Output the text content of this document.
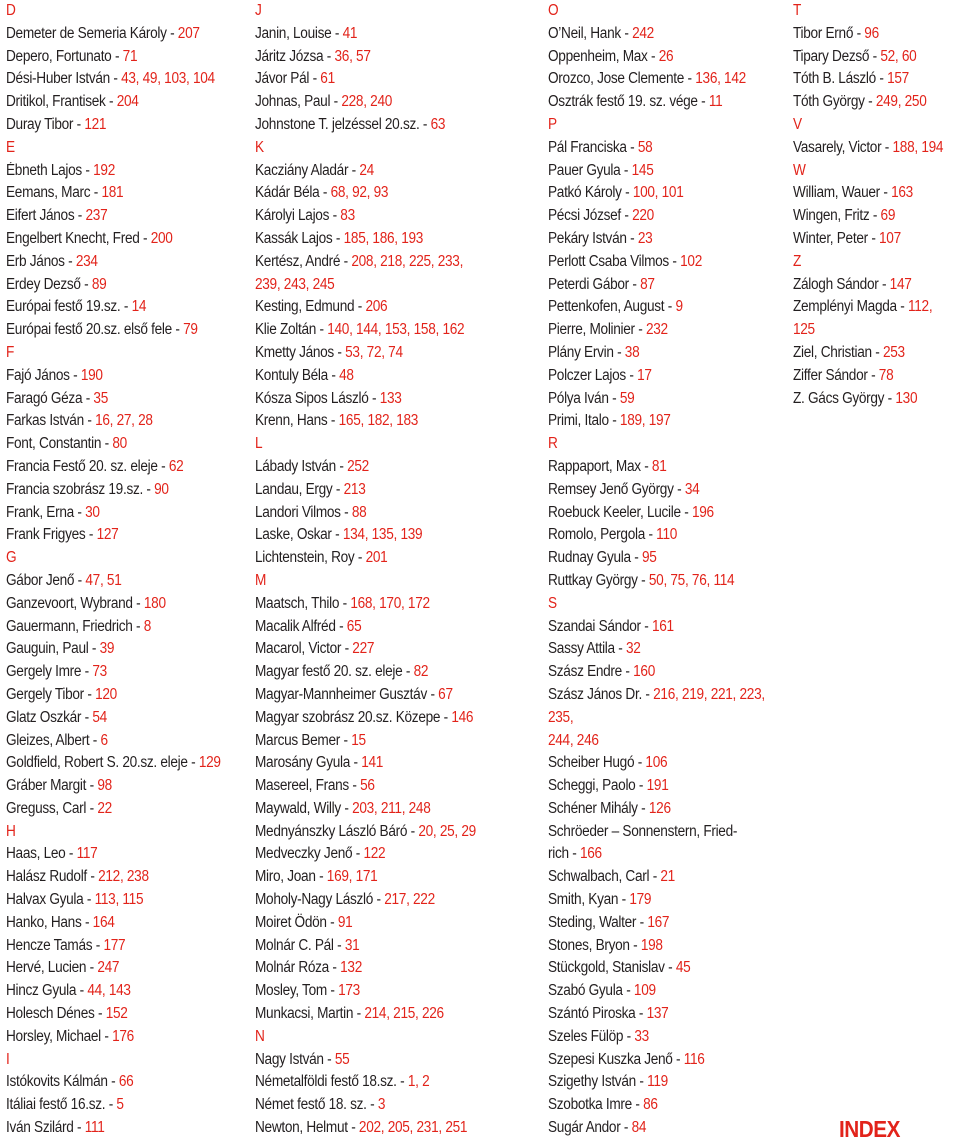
D
Demeter de Semeria Károly - 207
Depero, Fortunato - 71
Dési-Huber István - 43, 49, 103, 104
Dritikol, Frantisek - 204
Duray Tibor - 121
E
Ébneth Lajos - 192
Eemans, Marc - 181
Eifert János - 237
Engelbert Knecht, Fred - 200
Erb János - 234
Erdey Dezső - 89
Európai festő 19.sz. - 14
Európai festő 20.sz. első fele - 79
F
Fajó János - 190
Faragó Géza - 35
Farkas István - 16, 27, 28
Font, Constantin - 80
Francia Festő 20. sz. eleje - 62
Francia szobrász 19.sz. - 90
Frank, Erna - 30
Frank Frigyes - 127
G
Gábor Jenő - 47, 51
Ganzevoort, Wybrand - 180
Gauermann, Friedrich - 8
Gauguin, Paul - 39
Gergely Imre - 73
Gergely Tibor - 120
Glatz Oszkár - 54
Gleizes, Albert - 6
Goldfield, Robert S. 20.sz. eleje - 129
Gráber Margit - 98
Greguss, Carl - 22
H
Haas, Leo - 117
Halász Rudolf - 212, 238
Halvax Gyula - 113, 115
Hanko, Hans - 164
Hencze Tamás - 177
Hervé, Lucien - 247
Hincz Gyula - 44, 143
Holesch Dénes - 152
Horsley, Michael - 176
I
Istókovits Kálmán - 66
Itáliai festő 16.sz. - 5
Iván Szilárd - 111
J
Janin, Louise - 41
Járitz Józsa - 36, 57
Jávor Pál - 61
Johnas, Paul - 228, 240
Johnstone T. jelzéssel 20.sz. - 63
K
Kacziány Aladár - 24
Kádár Béla - 68, 92, 93
Károlyi Lajos - 83
Kassák Lajos - 185, 186, 193
Kertész, André - 208, 218, 225, 233,
239, 243, 245
Kesting, Edmund - 206
Klie Zoltán - 140, 144, 153, 158, 162
Kmetty János - 53, 72, 74
Kontuly Béla - 48
Kósza Sipos László - 133
Krenn, Hans - 165, 182, 183
L
Lábady István - 252
Landau, Ergy - 213
Landori Vilmos - 88
Laske, Oskar - 134, 135, 139
Lichtenstein, Roy - 201
M
Maatsch, Thilo - 168, 170, 172
Macalik Alfréd - 65
Macarol, Victor - 227
Magyar festő 20. sz. eleje - 82
Magyar-Mannheimer Gusztáv - 67
Magyar szobrász 20.sz. Közepe - 146
Marcus Bemer - 15
Marosány Gyula - 141
Masereel, Frans - 56
Maywald, Willy - 203, 211, 248
Mednyánszky László Báró - 20, 25, 29
Medveczky Jenő - 122
Miro, Joan - 169, 171
Moholy-Nagy László - 217, 222
Moiret Ödön - 91
Molnár C. Pál - 31
Molnár Róza - 132
Mosley, Tom - 173
Munkacsi, Martin - 214, 215, 226
N
Nagy István - 55
Németalföldi festő 18.sz. - 1, 2
Német festő 18. sz. - 3
Newton, Helmut - 202, 205, 231, 251
O
O’Neil, Hank - 242
Oppenheim, Max - 26
Orozco, Jose Clemente - 136, 142
Osztrák festő 19. sz. vége - 11
P
Pál Franciska - 58
Pauer Gyula - 145
Patkó Károly - 100, 101
Pécsi József - 220
Pekáry István - 23
Perlott Csaba Vilmos - 102
Peterdi Gábor - 87
Pettenkofen, August - 9
Pierre, Molinier - 232
Plány Ervin - 38
Polczer Lajos - 17
Pólya Iván - 59
Primi, Italo - 189, 197
R
Rappaport, Max - 81
Remsey Jenő György - 34
Roebuck Keeler, Lucile - 196
Romolo, Pergola - 110
Rudnay Gyula - 95
Ruttkay György - 50, 75, 76, 114
S
Szandai Sándor - 161
Sassy Attila - 32
Szász Endre - 160
Szász János Dr. - 216, 219, 221, 223,
235,
244, 246
Scheiber Hugó - 106
Scheggi, Paolo - 191
Schéner Mihály - 126
Schröeder – Sonnenstern, Fried-
rich - 166
Schwalbach, Carl - 21
Smith, Kyan - 179
Steding, Walter - 167
Stones, Bryon - 198
Stückgold, Stanislav - 45
Szabó Gyula - 109
Szántó Piroska - 137
Szeles Fülöp - 33
Szepesi Kuszka Jenő - 116
Szigethy István - 119
Szobotka Imre - 86
Sugár Andor - 84
T
Tibor Ernő - 96
Tipary Dezső - 52, 60
Tóth B. László - 157
Tóth György - 249, 250
V
Vasarely, Victor - 188, 194
W
William, Wauer - 163
Wingen, Fritz - 69
Winter, Peter - 107
Z
Zálogh Sándor - 147
Zemplényi Magda - 112,
125
Ziel, Christian - 253
Ziffer Sándor - 78
Z. Gács György - 130
INDEX
